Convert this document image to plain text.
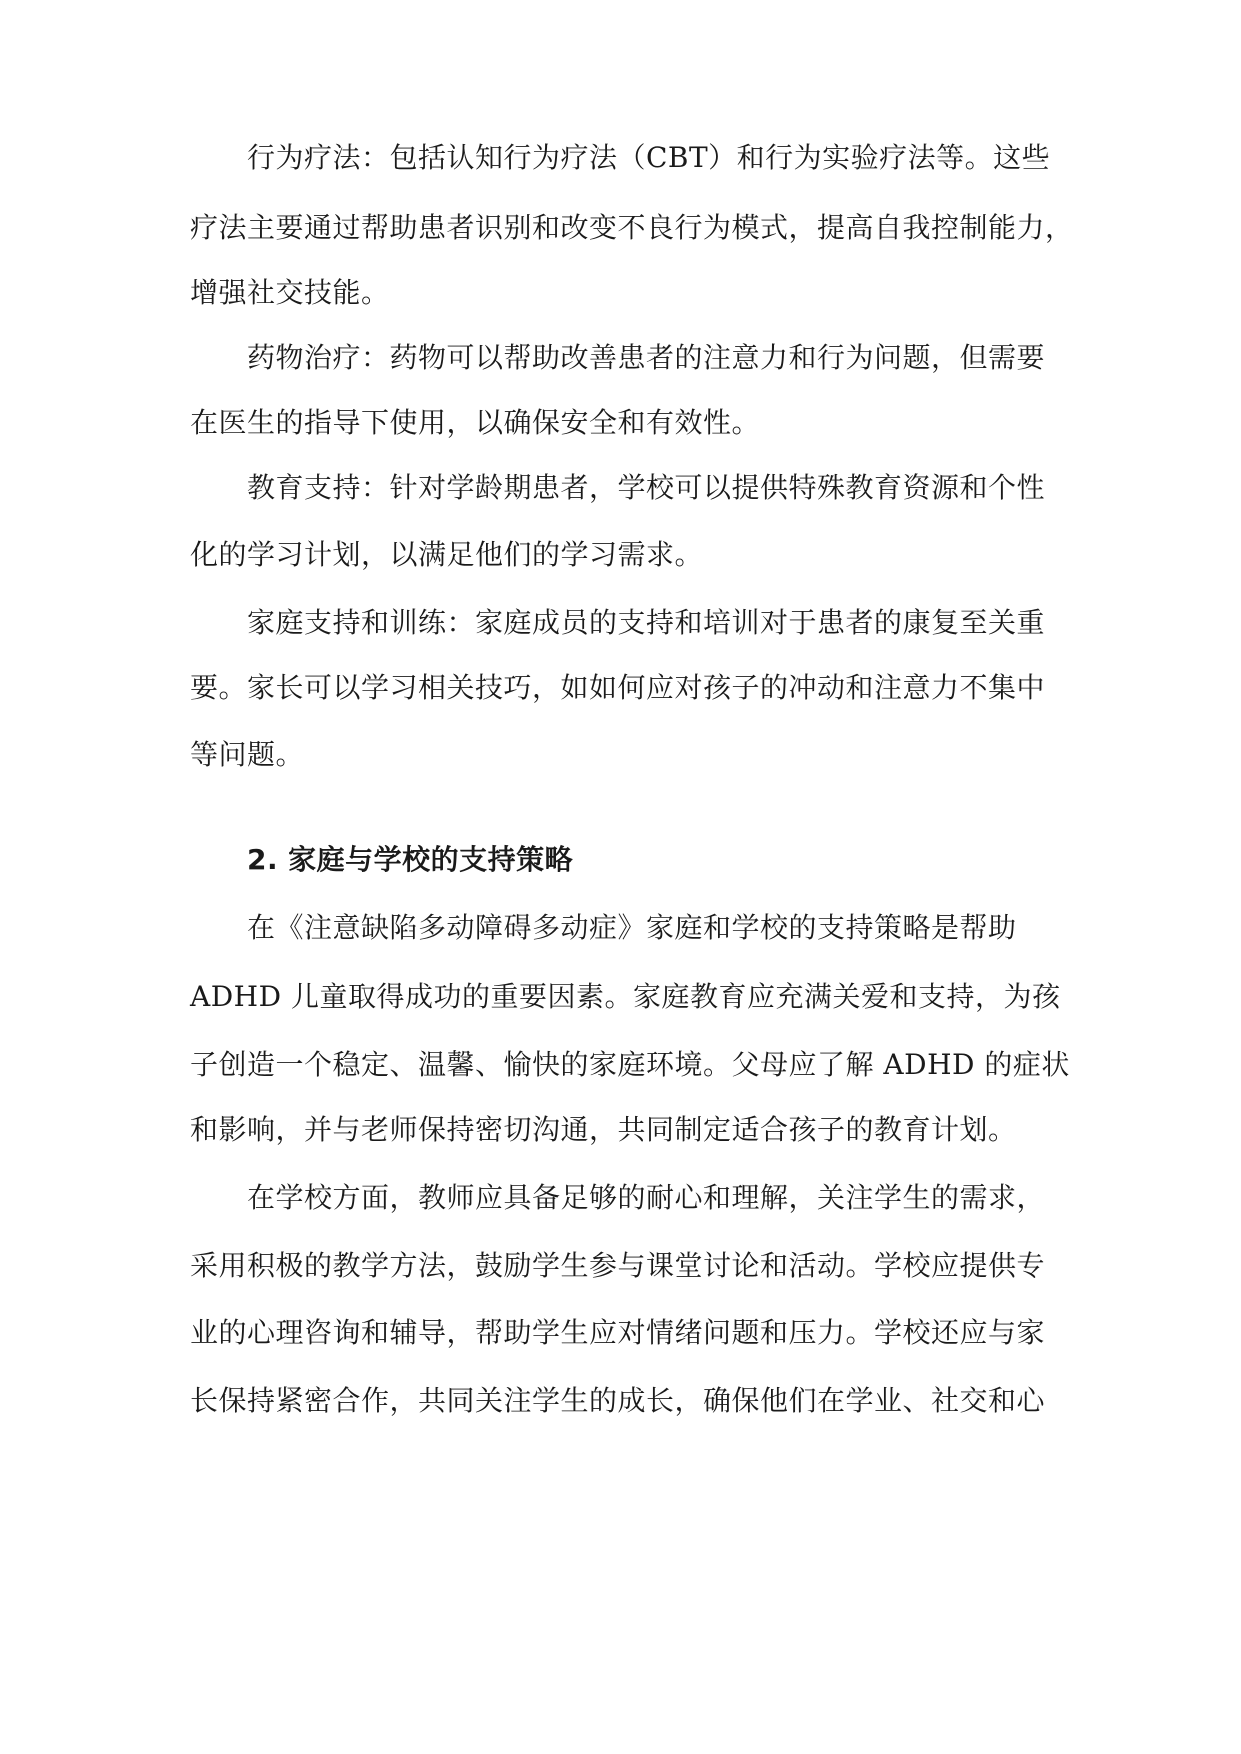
行为疗法：包括认知行为疗法（CBT）和行为实验疗法等。这些

疗法主要通过帮助患者识别和改变不良行为模式，提高自我控制能力，

增强社交技能。

药物治疗：药物可以帮助改善患者的注意力和行为问题，但需要

在医生的指导下使用，以确保安全和有效性。

教育支持：针对学龄期患者，学校可以提供特殊教育资源和个性

化的学习计划，以满足他们的学习需求。

家庭支持和训练：家庭成员的支持和培训对于患者的康复至关重

要。家长可以学习相关技巧，如如何应对孩子的冲动和注意力不集中

等问题。

2. 家庭与学校的支持策略

在《注意缺陷多动障碍多动症》家庭和学校的支持策略是帮助

ADHD 儿童取得成功的重要因素。家庭教育应充满关爱和支持，为孩

子创造一个稳定、温馨、愉快的家庭环境。父母应了解 ADHD 的症状

和影响，并与老师保持密切沟通，共同制定适合孩子的教育计划。

在学校方面，教师应具备足够的耐心和理解，关注学生的需求，

采用积极的教学方法，鼓励学生参与课堂讨论和活动。学校应提供专

业的心理咨询和辅导，帮助学生应对情绪问题和压力。学校还应与家

长保持紧密合作，共同关注学生的成长，确保他们在学业、社交和心
